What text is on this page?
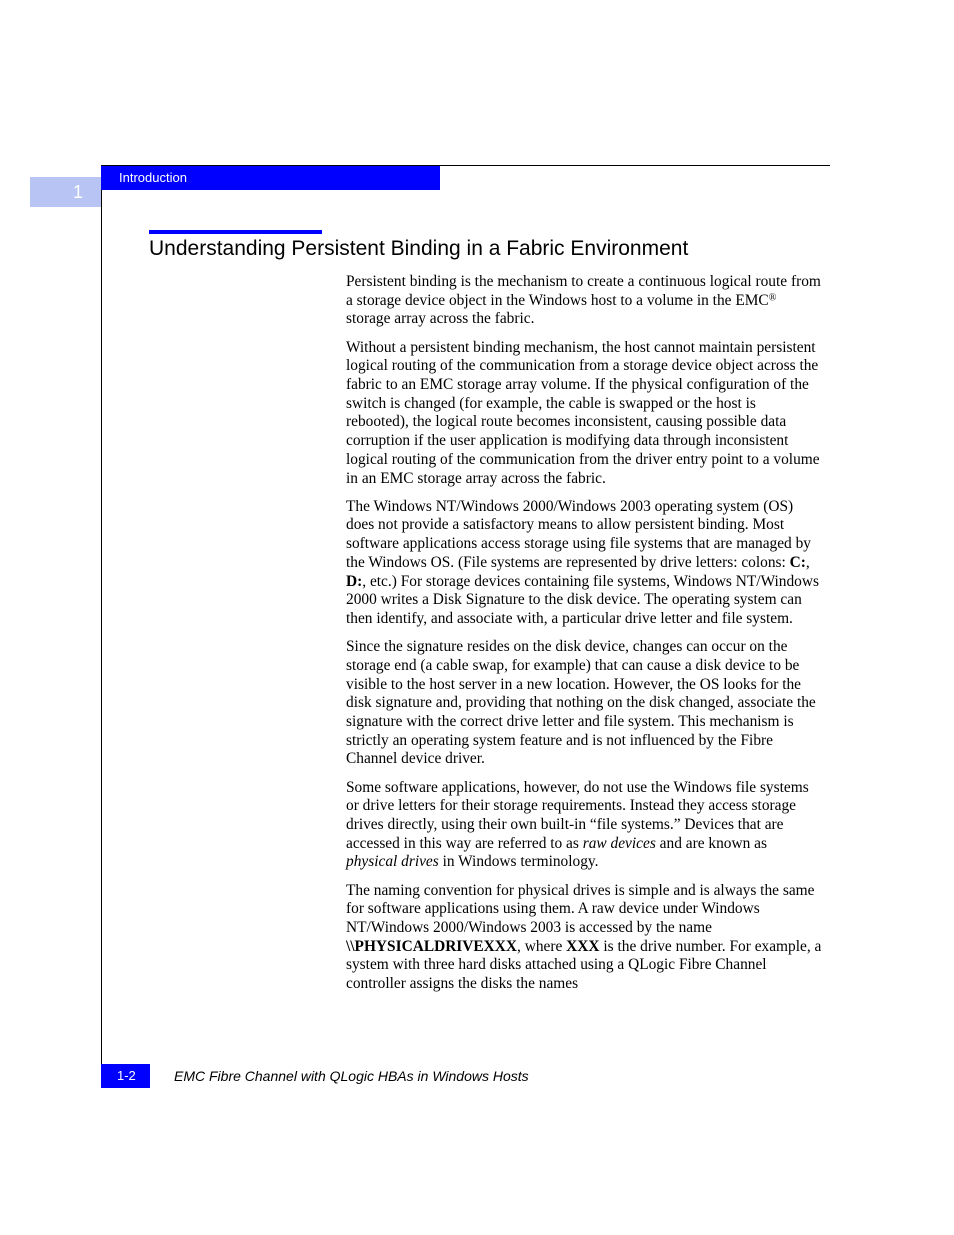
Introduction
1
Understanding Persistent Binding in a Fabric Environment

Persistent binding is the mechanism to create a continuous logical route from a storage device object in the Windows host to a volume in the EMC® storage array across the fabric.

Without a persistent binding mechanism, the host cannot maintain persistent logical routing of the communication from a storage device object across the fabric to an EMC storage array volume. If the physical configuration of the switch is changed (for example, the cable is swapped or the host is rebooted), the logical route becomes inconsistent, causing possible data corruption if the user application is modifying data through inconsistent logical routing of the communication from the driver entry point to a volume in an EMC storage array across the fabric.

The Windows NT/Windows 2000/Windows 2003 operating system (OS) does not provide a satisfactory means to allow persistent binding. Most software applications access storage using file systems that are managed by the Windows OS. (File systems are represented by drive letters: colons: C:, D:, etc.) For storage devices containing file systems, Windows NT/Windows 2000 writes a Disk Signature to the disk device. The operating system can then identify, and associate with, a particular drive letter and file system.

Since the signature resides on the disk device, changes can occur on the storage end (a cable swap, for example) that can cause a disk device to be visible to the host server in a new location. However, the OS looks for the disk signature and, providing that nothing on the disk changed, associate the signature with the correct drive letter and file system. This mechanism is strictly an operating system feature and is not influenced by the Fibre Channel device driver.

Some software applications, however, do not use the Windows file systems or drive letters for their storage requirements. Instead they access storage drives directly, using their own built-in “file systems.” Devices that are accessed in this way are referred to as raw devices and are known as physical drives in Windows terminology.

The naming convention for physical drives is simple and is always the same for software applications using them. A raw device under Windows NT/Windows 2000/Windows 2003 is accessed by the name \\PHYSICALDRIVEXXX, where XXX is the drive number. For example, a system with three hard disks attached using a QLogic Fibre Channel controller assigns the disks the names

1-2	EMC Fibre Channel with QLogic HBAs in Windows Hosts
